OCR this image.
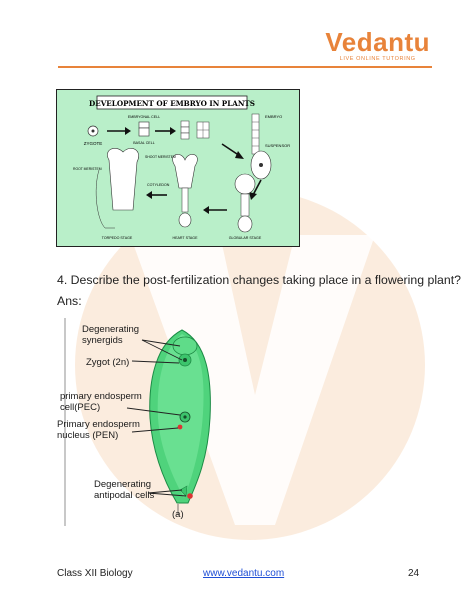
Vedantu
LIVE ONLINE TUTORING
DEVELOPMENT OF EMBRYO IN PLANTS
ZYGOTE
EMBRYONAL CELL
BASAL CELL
EMBRYO
SUSPENSOR
GLOBULAR STAGE
HEART STAGE
TORPEDO STAGE
ROOT MERISTEM
SHOOT MERISTEM
COTYLEDON
4. Describe the post-fertilization changes taking place in a flowering plant?
Ans:
Degenerating
synergids
Zygot (2n)
primary endosperm
cell(PEC)
Primary endosperm
nucleus (PEN)
Degenerating
antipodal cells
(a)
Class XII Biology	www.vedantu.com	24
